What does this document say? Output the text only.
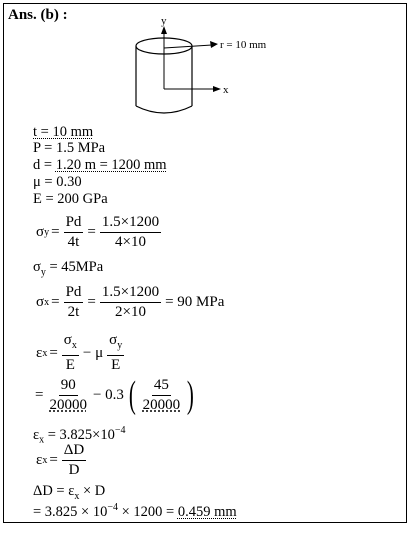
Ans. (b) :	y
x
r = 10 mm
t = 10 mm
P = 1.5 MPa
d = 1.20 m = 1200 mm
μ = 0.30
E = 200 GPa
σ $y = \frac{Pd}{4t} = \frac{1.5\times 1200}{4\times 10}$
$\sigma_y = 45MPa$
σ $x = \frac{Pd}{2t} = \frac{1.5\times 1200}{2\times 10} = 90$ MPa
ε $x = \frac{\sigma_x}{E} - \mu \frac{\sigma_y}{E}$
= $\frac{90}{20000} - 0.3$ ( $\frac{45}{20000}$ )
$\varepsilon_x = 3.825\times 10^{-4}$
ε $x = \frac{\Delta D}{D}$
$\Delta D = \varepsilon_x \times D$
= $3.825 \times 10^{-4} \times 1200 = 0.459$ mm
